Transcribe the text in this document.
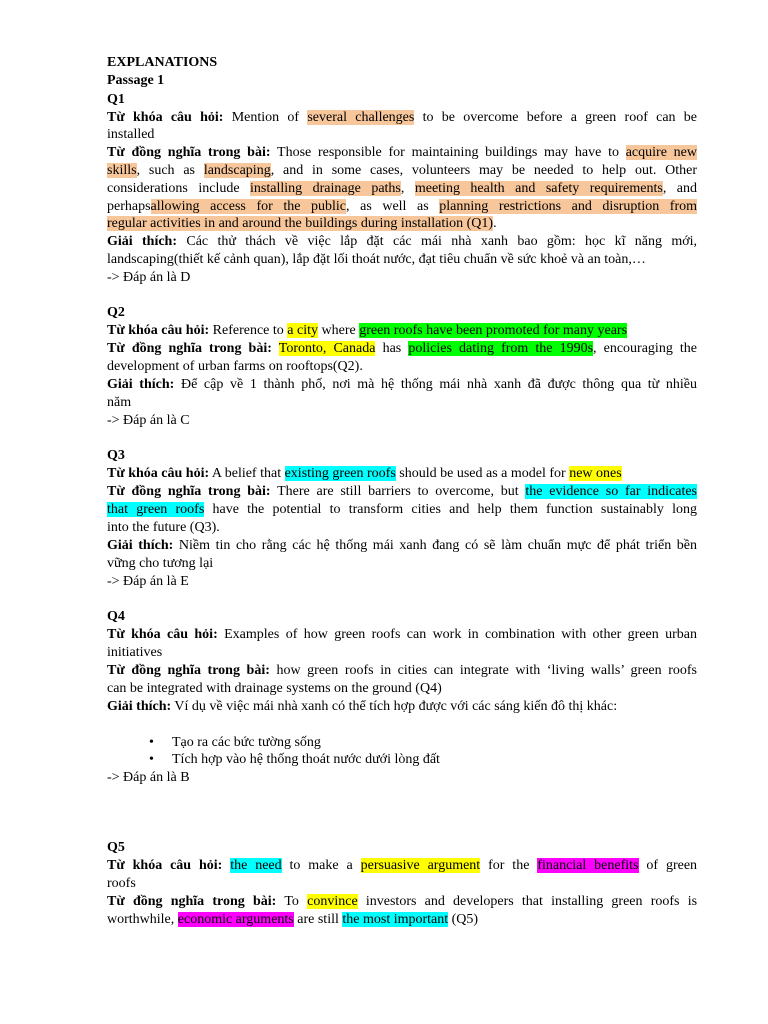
EXPLANATIONS
Passage 1
Q1
Từ khóa câu hỏi: Mention of several challenges to be overcome before a green roof can be
installed
Từ đồng nghĩa trong bài: Those responsible for maintaining buildings may have to acquire new
skills, such as landscaping, and in some cases, volunteers may be needed to help out. Other
considerations include installing drainage paths, meeting health and safety requirements, and
perhapsallowing access for the public, as well as planning restrictions and disruption from
regular activities in and around the buildings during installation (Q1).
Giải thích: Các thử thách về việc lắp đặt các mái nhà xanh bao gồm: học kĩ năng mới,
landscaping(thiết kế cảnh quan), lắp đặt lối thoát nước, đạt tiêu chuẩn về sức khoẻ và an toàn,…
-> Đáp án là D
Q2
Từ khóa câu hỏi: Reference to a city where green roofs have been promoted for many years
Từ đồng nghĩa trong bài: Toronto, Canada has policies dating from the 1990s, encouraging the
development of urban farms on rooftops(Q2).
Giải thích: Để cập về 1 thành phố, nơi mà hệ thống mái nhà xanh đã được thông qua từ nhiều
năm
-> Đáp án là C
Q3
Từ khóa câu hỏi: A belief that existing green roofs should be used as a model for new ones
Từ đồng nghĩa trong bài: There are still barriers to overcome, but the evidence so far indicates
that green roofs have the potential to transform cities and help them function sustainably long
into the future (Q3).
Giải thích: Niềm tin cho rằng các hệ thống mái xanh đang có sẽ làm chuẩn mực để phát triển bền
vững cho tương lại
-> Đáp án là E
Q4
Từ khóa câu hỏi: Examples of how green roofs can work in combination with other green urban
initiatives
Từ đồng nghĩa trong bài: how green roofs in cities can integrate with ‘living walls’ green roofs
can be integrated with drainage systems on the ground (Q4)
Giải thích: Ví dụ về việc mái nhà xanh có thể tích hợp được với các sáng kiến đô thị khác:
• Tạo ra các bức tường sống
• Tích hợp vào hệ thống thoát nước dưới lòng đất
-> Đáp án là B
Q5
Từ khóa câu hỏi: the need to make a persuasive argument for the financial benefits of green
roofs
Từ đồng nghĩa trong bài: To convince investors and developers that installing green roofs is
worthwhile, economic arguments are still the most important (Q5)
